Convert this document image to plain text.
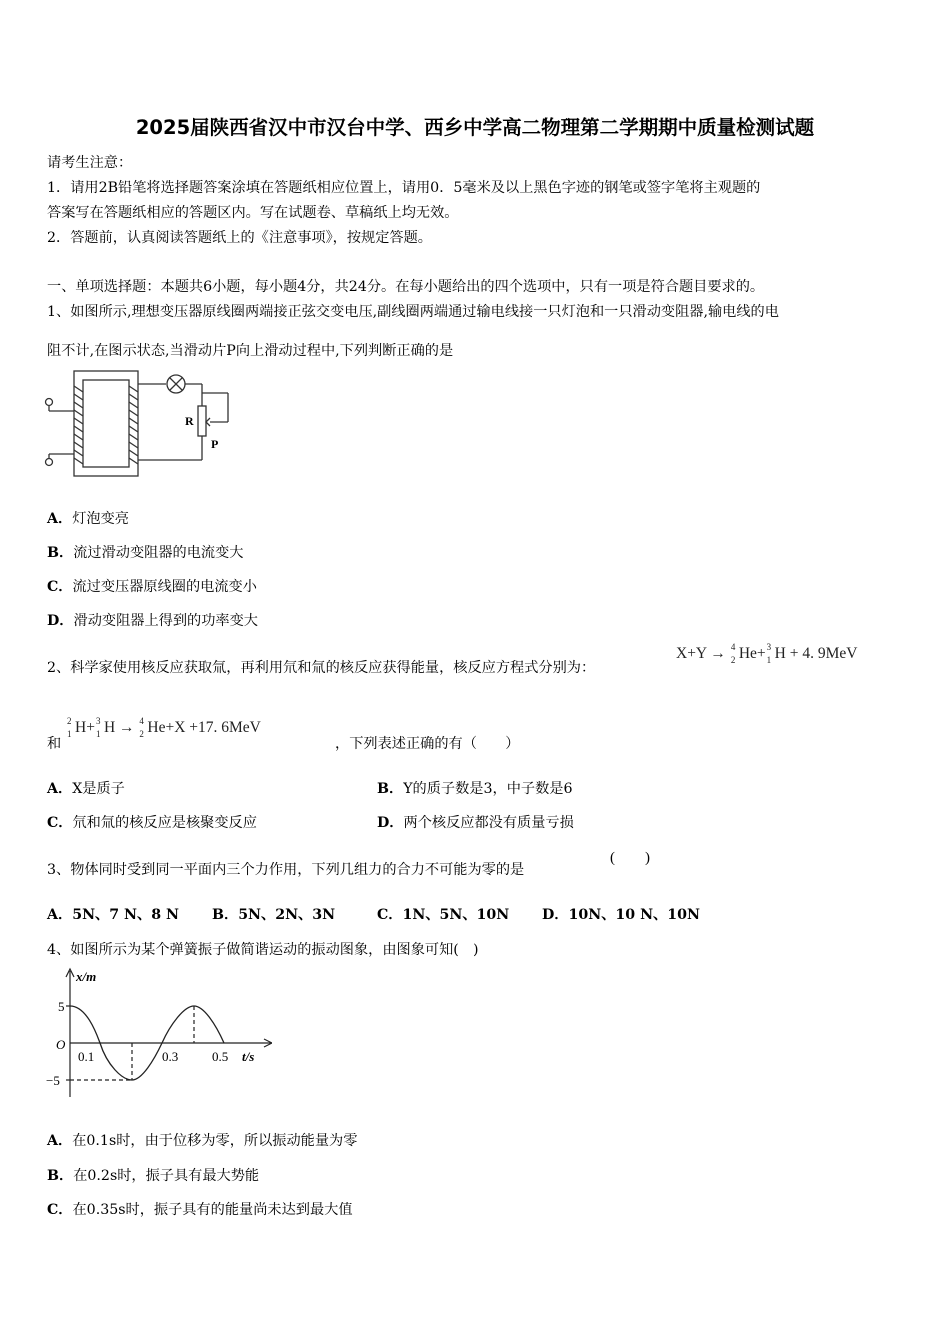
2025届陕西省汉中市汉台中学、西乡中学高二物理第二学期期中质量检测试题
请考生注意：
1．请用2B铅笔将选择题答案涂填在答题纸相应位置上，请用0．5毫米及以上黑色字迹的钢笔或签字笔将主观题的
答案写在答题纸相应的答题区内。写在试题卷、草稿纸上均无效。
2．答题前，认真阅读答题纸上的《注意事项》，按规定答题。
一、单项选择题：本题共6小题，每小题4分，共24分。在每小题给出的四个选项中，只有一项是符合题目要求的。
1、如图所示,理想变压器原线圈两端接正弦交变电压,副线圈两端通过输电线接一只灯泡和一只滑动变阻器,输电线的电
阻不计,在图示状态,当滑动片P向上滑动过程中,下列判断正确的是
R
P
A．灯泡变亮
B．流过滑动变阻器的电流变大
C．流过变压器原线圈的电流变小
D．滑动变阻器上得到的功率变大
2、科学家使用核反应获取氚，再利用氘和氚的核反应获得能量，核反应方程式分别为：
X+Y → 4
2 He+ 3
1 H + 4. 9MeV
和
2
1 H+ 3
1 H → 4
2 He+X +17. 6MeV
，下列表述正确的有（　　）
A．X是质子	B．Y的质子数是3，中子数是6
C．氘和氚的核反应是核聚变反应	D．两个核反应都没有质量亏损
3、物体同时受到同一平面内三个力作用，下列几组力的合力不可能为零的是
(　　)
A．5N、7 N、8 N B．5N、2N、3N	C．1N、5N、10N D．10N、10 N、10N
4、如图所示为某个弹簧振子做简谐运动的振动图象，由图象可知(　)
x/m
t/s
O
5
−5
0.1	0.3	0.5
A．在0.1s时，由于位移为零，所以振动能量为零
B．在0.2s时，振子具有最大势能
C．在0.35s时，振子具有的能量尚未达到最大值
